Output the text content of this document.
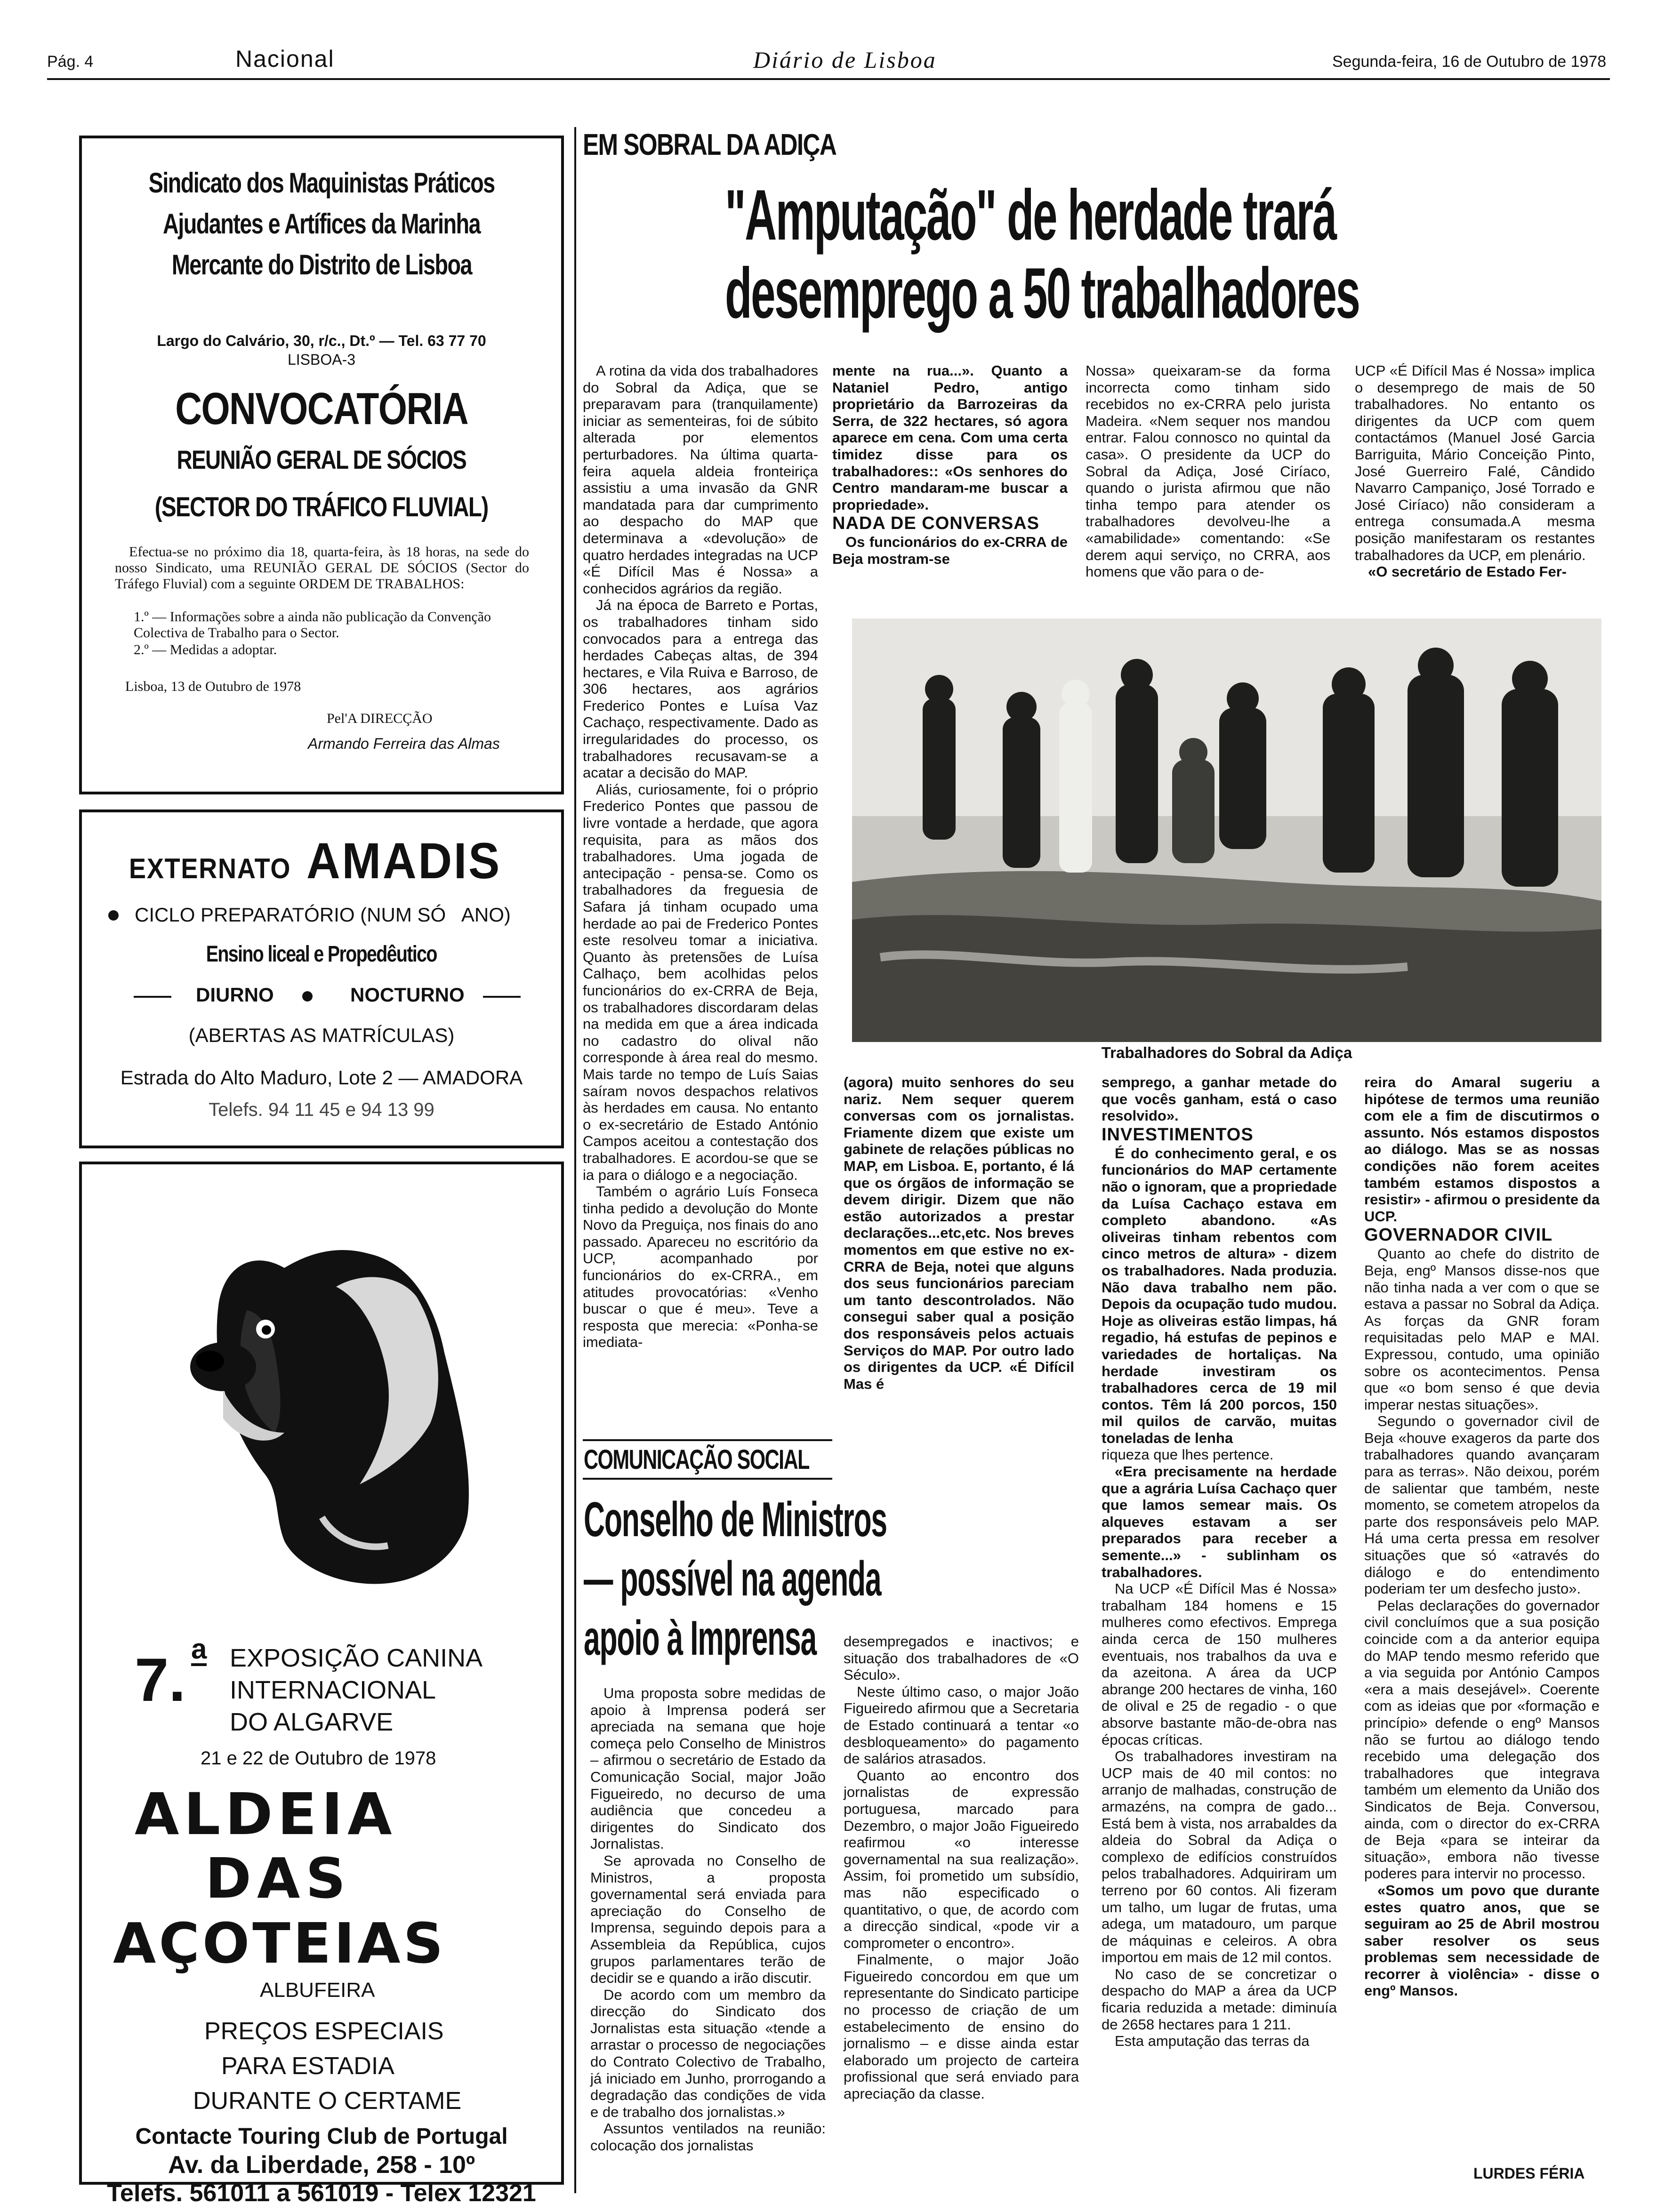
Pág. 4	Nacional	Diário de Lisboa	Segunda-feira, 16 de Outubro de 1978
Sindicato dos Maquinistas Práticos
Ajudantes e Artífices da Marinha
Mercante do Distrito de Lisboa
Largo do Calvário, 30, r/c., Dt.º — Tel. 63 77 70
LISBOA-3
CONVOCATÓRIA
REUNIÃO GERAL DE SÓCIOS
(SECTOR DO TRÁFICO FLUVIAL)
Efectua-se no próximo dia 18, quarta-feira, às 18 horas, na sede do nosso Sindicato, uma REUNIÃO GERAL DE SÓCIOS (Sector do Tráfego Fluvial) com a seguinte ORDEM DE TRABALHOS:
1.º — Informações sobre a ainda não publicação da Convenção Colectiva de Trabalho para o Sector.
2.º — Medidas a adoptar.
Lisboa, 13 de Outubro de 1978
Pel'A DIRECÇÃO
Armando Ferreira das Almas
EXTERNATO AMADIS
CICLO PREPARATÓRIO (NUM SÓ   ANO)
Ensino liceal e Propedêutico
DIURNO	NOCTURNO
(ABERTAS AS MATRÍCULAS)
Estrada do Alto Maduro, Lote 2 — AMADORA
Telefs. 94 11 45 e 94 13 99
7. a EXPOSIÇÃO CANINA
INTERNACIONAL
DO ALGARVE
21 e 22 de Outubro de 1978
ALDEIA
DAS
AÇOTEIAS
ALBUFEIRA
PREÇOS ESPECIAIS
PARA ESTADIA
DURANTE O CERTAME
Contacte Touring Club de Portugal
Av. da Liberdade, 258 - 10º
Telefs. 561011 a 561019 - Telex 12321
EM SOBRAL DA ADIÇA
"Amputação" de herdade trará
desemprego a 50 trabalhadores

A rotina da vida dos trabalhadores do Sobral da Adiça, que se preparavam para (tranquilamente) iniciar as sementeiras, foi de súbito alterada por elementos perturbadores. Na última quarta-feira aquela aldeia fronteiriça assistiu a uma invasão da GNR mandatada para dar cumprimento ao despacho do MAP que determinava a «devolução» de quatro herdades integradas na UCP «É Difícil Mas é Nossa» a conhecidos agrários da região.

Já na época de Barreto e Portas, os trabalhadores tinham sido convocados para a entrega das herdades Cabeças altas, de 394 hectares, e Vila Ruiva e Barroso, de 306 hectares, aos agrários Frederico Pontes e Luísa Vaz Cachaço, respectivamente. Dado as irregularidades do processo, os trabalhadores recusavam-se a acatar a decisão do MAP.

Aliás, curiosamente, foi o próprio Frederico Pontes que passou de livre vontade a herdade, que agora requisita, para as mãos dos trabalhadores. Uma jogada de antecipação - pensa-se. Como os trabalhadores da freguesia de Safara já tinham ocupado uma herdade ao pai de Frederico Pontes este resolveu tomar a iniciativa. Quanto às pretensões de Luísa Calhaço, bem acolhidas pelos funcionários do ex-CRRA de Beja, os trabalhadores discordaram delas na medida em que a área indicada no cadastro do olival não corresponde à área real do mesmo. Mais tarde no tempo de Luís Saias saíram novos despachos relativos às herdades em causa. No entanto o ex-secretário de Estado António Campos aceitou a contestação dos trabalhadores. E acordou-se que se ia para o diálogo e a negociação.

Também o agrário Luís Fonseca tinha pedido a devolução do Monte Novo da Preguiça, nos finais do ano passado. Apareceu no escritório da UCP, acompanhado por funcionários do ex-CRRA., em atitudes provocatórias: «Venho buscar o que é meu». Teve a resposta que merecia: «Ponha-se imediata-

mente na rua...». Quanto a Nataniel Pedro, antigo proprietário da Barrozeiras da Serra, de 322 hectares, só agora aparece em cena. Com uma certa timidez disse para os trabalhadores:: «Os senhores do Centro mandaram-me buscar a propriedade».

NADA DE CONVERSAS

Os funcionários do ex-CRRA de Beja mostram-se

Nossa» queixaram-se da forma incorrecta como tinham sido recebidos no ex-CRRA pelo jurista Madeira. «Nem sequer nos mandou entrar. Falou connosco no quintal da casa». O presidente da UCP do Sobral da Adiça, José Ciríaco, quando o jurista afirmou que não tinha tempo para atender os trabalhadores devolveu-lhe a «amabilidade» comentando: «Se derem aqui serviço, no CRRA, aos homens que vão para o de-

UCP «É Difícil Mas é Nossa» implica o desemprego de mais de 50 trabalhadores. No entanto os dirigentes da UCP com quem contactámos (Manuel José Garcia Barriguita, Mário Conceição Pinto, José Guerreiro Falé, Cândido Navarro Campaniço, José Torrado e José Ciríaco) não consideram a entrega consumada.A mesma posição manifestaram os restantes trabalhadores da UCP, em plenário.

«O secretário de Estado Fer-

Trabalhadores do Sobral da Adiça

(agora) muito senhores do seu nariz. Nem sequer querem conversas com os jornalistas. Friamente dizem que existe um gabinete de relações públicas no MAP, em Lisboa. E, portanto, é lá que os órgãos de informação se devem dirigir. Dizem que não estão autorizados a prestar declarações...etc,etc. Nos breves momentos em que estive no ex-CRRA de Beja, notei que alguns dos seus funcionários pareciam um tanto descontrolados. Não consegui saber qual a posição dos responsáveis pelos actuais Serviços do MAP. Por outro lado os dirigentes da UCP. «É Difícil Mas é

semprego, a ganhar metade do que vocês ganham, está o caso resolvido».

INVESTIMENTOS

É do conhecimento geral, e os funcionários do MAP certamente não o ignoram, que a propriedade da Luísa Cachaço estava em completo abandono. «As oliveiras tinham rebentos com cinco metros de altura» - dizem os trabalhadores. Nada produzia. Não dava trabalho nem pão. Depois da ocupação tudo mudou. Hoje as oliveiras estão limpas, há regadio, há estufas de pepinos e variedades de hortaliças. Na herdade investiram os trabalhadores cerca de 19 mil contos. Têm lá 200 porcos, 150 mil quilos de carvão, muitas toneladas de lenha

riqueza que lhes pertence.

«Era precisamente na herdade que a agrária Luísa Cachaço quer que lamos semear mais. Os alqueves estavam a ser preparados para receber a semente...» - sublinham os trabalhadores.

Na UCP «É Difícil Mas é Nossa» trabalham 184 homens e 15 mulheres como efectivos. Emprega ainda cerca de 150 mulheres eventuais, nos trabalhos da uva e da azeitona. A área da UCP abrange 200 hectares de vinha, 160 de olival e 25 de regadio - o que absorve bastante mão-de-obra nas épocas críticas.

Os trabalhadores investiram na UCP mais de 40 mil contos: no arranjo de malhadas, construção de armazéns, na compra de gado... Está bem à vista, nos arrabaldes da aldeia do Sobral da Adiça o complexo de edifícios construídos pelos trabalhadores. Adquiriram um terreno por 60 contos. Ali fizeram um talho, um lugar de frutas, uma adega, um matadouro, um parque de máquinas e celeiros. A obra importou em mais de 12 mil contos.

No caso de se concretizar o despacho do MAP a área da UCP ficaria reduzida a metade: diminuía de 2658 hectares para 1 211.

Esta amputação das terras da

reira do Amaral sugeriu a hipótese de termos uma reunião com ele a fim de discutirmos o assunto. Nós estamos dispostos ao diálogo. Mas se as nossas condições não forem aceites também estamos dispostos a resistir» - afirmou o presidente da UCP.

GOVERNADOR CIVIL

Quanto ao chefe do distrito de Beja, engº Mansos disse-nos que não tinha nada a ver com o que se estava a passar no Sobral da Adiça. As forças da GNR foram requisitadas pelo MAP e MAI. Expressou, contudo, uma opinião sobre os acontecimentos. Pensa que «o bom senso é que devia imperar nestas situações».

Segundo o governador civil de Beja «houve exageros da parte dos trabalhadores quando avançaram para as terras». Não deixou, porém de salientar que também, neste momento, se cometem atropelos da parte dos responsáveis pelo MAP. Há uma certa pressa em resolver situações que só «através do diálogo e do entendimento poderiam ter um desfecho justo».

Pelas declarações do governador civil concluímos que a sua posição coincide com a da anterior equipa do MAP tendo mesmo referido que a via seguida por António Campos «era a mais desejável». Coerente com as ideias que por «formação e princípio» defende o engº Mansos não se furtou ao diálogo tendo recebido uma delegação dos trabalhadores que integrava também um elemento da União dos Sindicatos de Beja. Conversou, ainda, com o director do ex-CRRA de Beja «para se inteirar da situação», embora não tivesse poderes para intervir no processo.

«Somos um povo que durante estes quatro anos, que se seguiram ao 25 de Abril mostrou saber resolver os seus problemas sem necessidade de recorrer à violência» - disse o engº Mansos.

LURDES FÉRIA
COMUNICAÇÃO SOCIAL
Conselho de Ministros
— possível na agenda
apoio à Imprensa

Uma proposta sobre medidas de apoio à Imprensa poderá ser apreciada na semana que hoje começa pelo Conselho de Ministros – afirmou o secretário de Estado da Comunicação Social, major João Figueiredo, no decurso de uma audiência que concedeu a dirigentes do Sindicato dos Jornalistas.

Se aprovada no Conselho de Ministros, a proposta governamental será enviada para apreciação do Conselho de Imprensa, seguindo depois para a Assembleia da República, cujos grupos parlamentares terão de decidir se e quando a irão discutir.

De acordo com um membro da direcção do Sindicato dos Jornalistas esta situação «tende a arrastar o processo de negociações do Contrato Colectivo de Trabalho, já iniciado em Junho, prorrogando a degradação das condições de vida e de trabalho dos jornalistas.»

Assuntos ventilados na reunião: colocação dos jornalistas

desempregados e inactivos; e situação dos trabalhadores de «O Século».

Neste último caso, o major João Figueiredo afirmou que a Secretaria de Estado continuará a tentar «o desbloqueamento» do pagamento de salários atrasados.

Quanto ao encontro dos jornalistas de expressão portuguesa, marcado para Dezembro, o major João Figueiredo reafirmou «o interesse governamental na sua realização». Assim, foi prometido um subsídio, mas não especificado o quantitativo, o que, de acordo com a direcção sindical, «pode vir a comprometer o encontro».

Finalmente, o major João Figueiredo concordou em que um representante do Sindicato participe no processo de criação de um estabelecimento de ensino do jornalismo – e disse ainda estar elaborado um projecto de carteira profissional que será enviado para apreciação da classe.
